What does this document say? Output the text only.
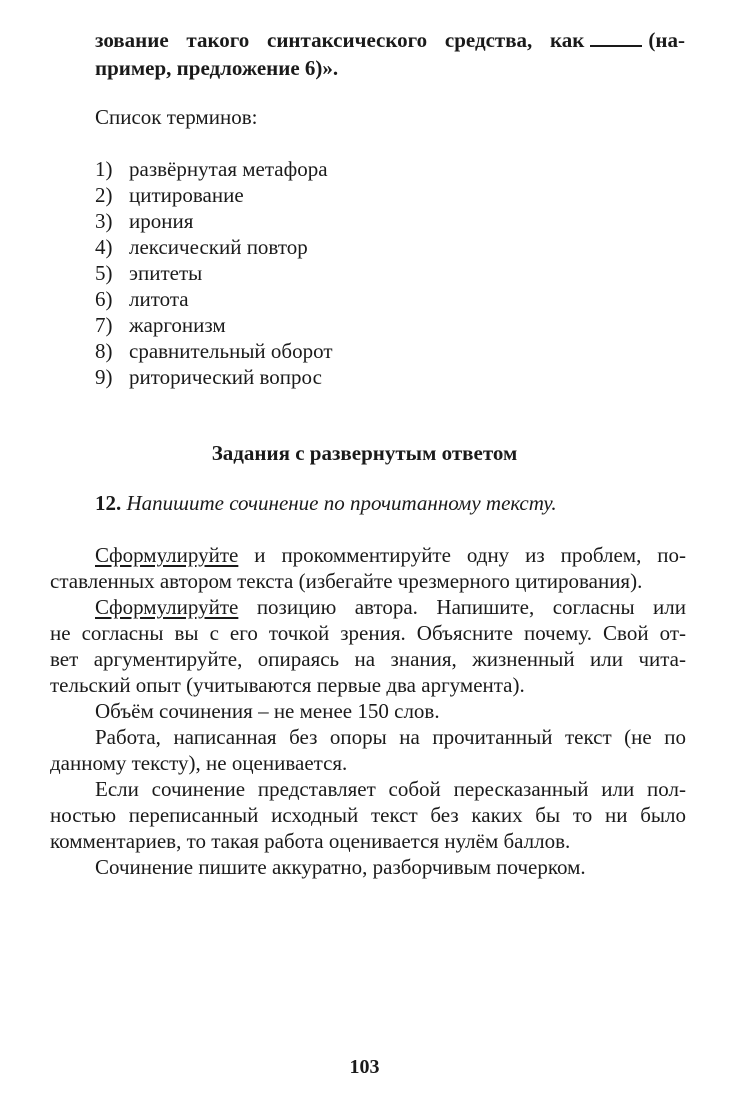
зование такого синтаксического средства, как	(на-
пример, предложение 6)».
Список терминов:
1) развёрнутая метафора
2) цитирование
3) ирония
4) лексический повтор
5) эпитеты
6) литота
7) жаргонизм
8) сравнительный оборот
9) риторический вопрос
Задания с развернутым ответом
12. Напишите сочинение по прочитанному тексту.
Сформулируйте и прокомментируйте одну из проблем, по-
ставленных автором текста (избегайте чрезмерного цитирования).
Сформулируйте позицию автора. Напишите, согласны или
не согласны вы с его точкой зрения. Объясните почему. Свой от-
вет аргументируйте, опираясь на знания, жизненный или чита-
тельский опыт (учитываются первые два аргумента).
Объём сочинения – не менее 150 слов.
Работа, написанная без опоры на прочитанный текст (не по
данному тексту), не оценивается.
Если сочинение представляет собой пересказанный или пол-
ностью переписанный исходный текст без каких бы то ни было
комментариев, то такая работа оценивается нулём баллов.
Сочинение пишите аккуратно, разборчивым почерком.
103
